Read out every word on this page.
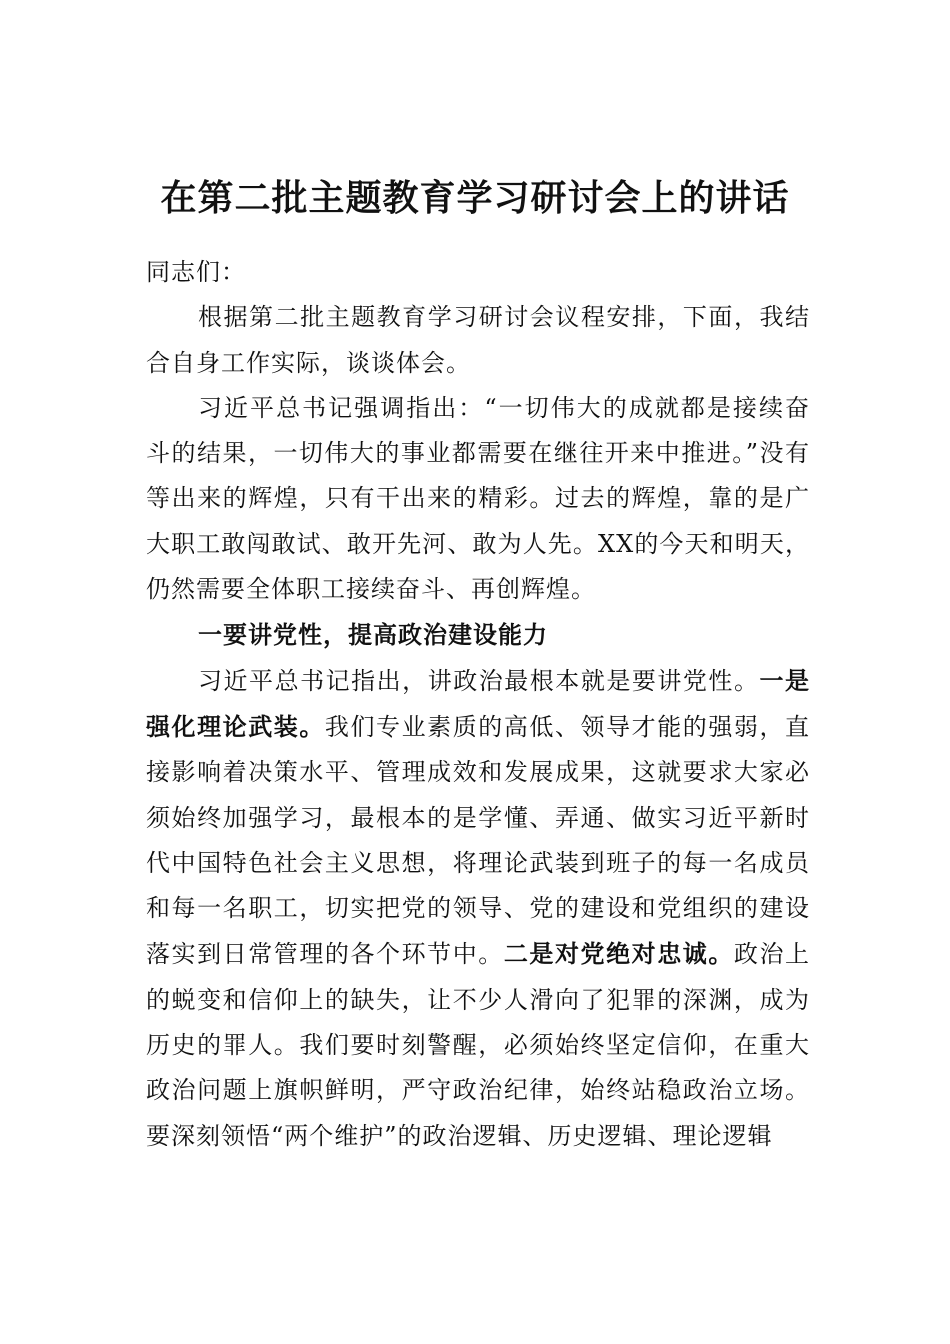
在第二批主题教育学习研讨会上的讲话

同志们：

根据第二批主题教育学习研讨会议程安排，下面，我结合自身工作实际，谈谈体会。

习近平总书记强调指出：“一切伟大的成就都是接续奋斗的结果，一切伟大的事业都需要在继往开来中推进。”没有等出来的辉煌，只有干出来的精彩。过去的辉煌，靠的是广大职工敢闯敢试、敢开先河、敢为人先。XX的今天和明天，仍然需要全体职工接续奋斗、再创辉煌。

一要讲党性，提高政治建设能力

习近平总书记指出，讲政治最根本就是要讲党性。一是强化理论武装。我们专业素质的高低、领导才能的强弱，直接影响着决策水平、管理成效和发展成果，这就要求大家必须始终加强学习，最根本的是学懂、弄通、做实习近平新时代中国特色社会主义思想，将理论武装到班子的每一名成员和每一名职工，切实把党的领导、党的建设和党组织的建设落实到日常管理的各个环节中。二是对党绝对忠诚。政治上的蜕变和信仰上的缺失，让不少人滑向了犯罪的深渊，成为历史的罪人。我们要时刻警醒，必须始终坚定信仰，在重大政治问题上旗帜鲜明，严守政治纪律，始终站稳政治立场。要深刻领悟“两个维护”的政治逻辑、历史逻辑、理论逻辑
